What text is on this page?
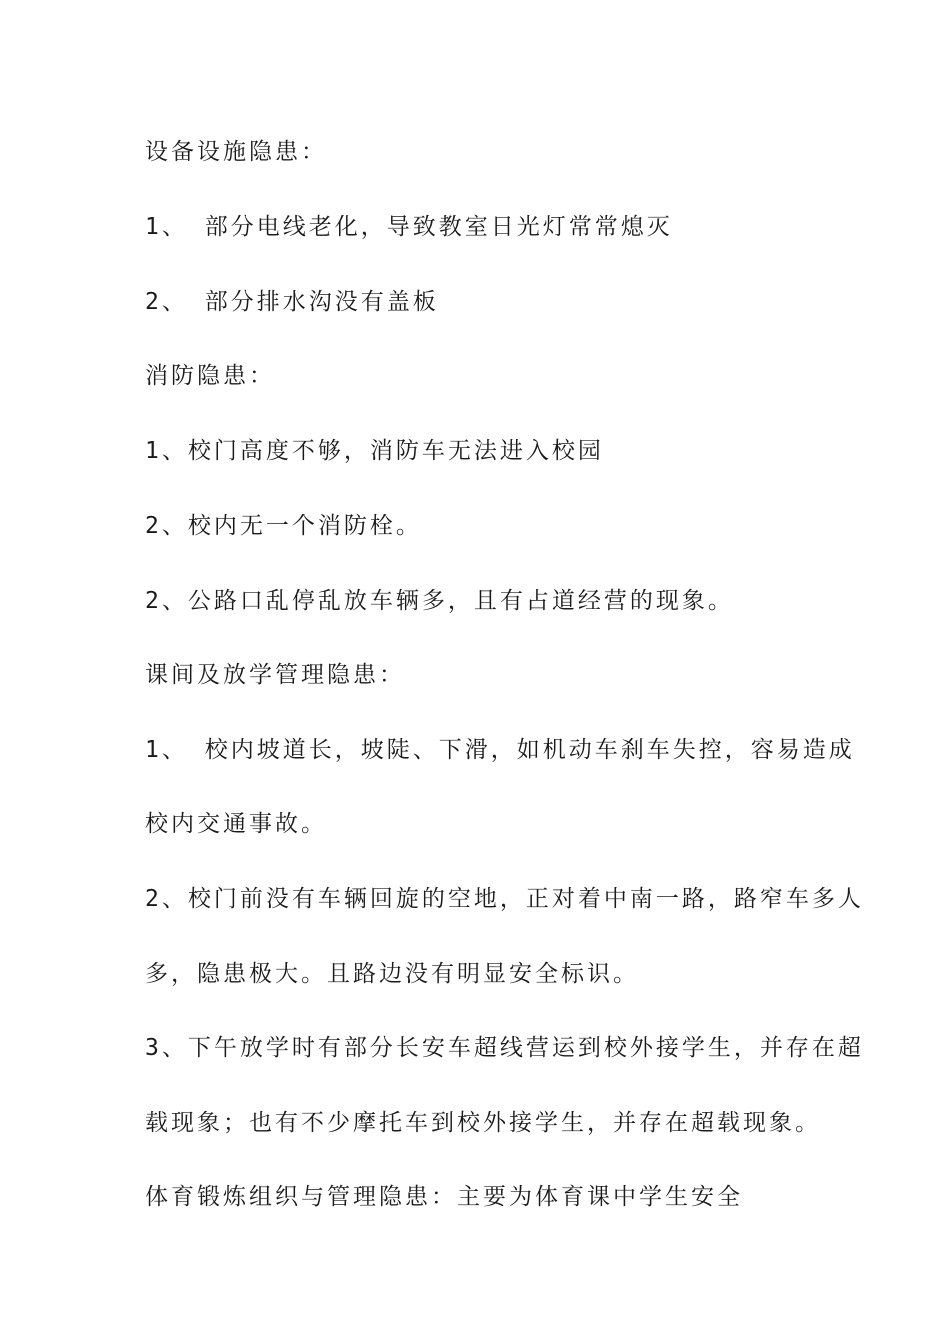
设备设施隐患：

1、 部分电线老化，导致教室日光灯常常熄灭

2、 部分排水沟没有盖板

消防隐患：

1、校门高度不够，消防车无法进入校园

2、校内无一个消防栓。

2、公路口乱停乱放车辆多，且有占道经营的现象。

课间及放学管理隐患：

1、 校内坡道长，坡陡、下滑，如机动车刹车失控，容易造成

校内交通事故。

2、校门前没有车辆回旋的空地，正对着中南一路，路窄车多人

多，隐患极大。且路边没有明显安全标识。

3、下午放学时有部分长安车超线营运到校外接学生，并存在超

载现象；也有不少摩托车到校外接学生，并存在超载现象。

体育锻炼组织与管理隐患：主要为体育课中学生安全
